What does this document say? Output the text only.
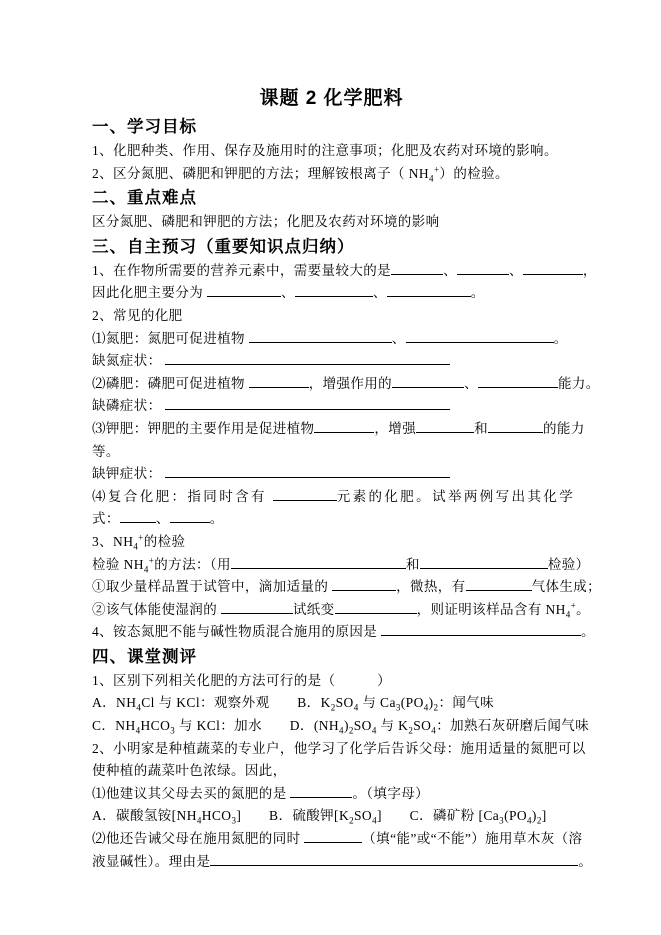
课题 2 化学肥料
一、学习目标
1、化肥种类、作用、保存及施用时的注意事项；化肥及农药对环境的影响。
2、区分氮肥、磷肥和钾肥的方法；理解铵根离子（ $NH_4^+$）的检验。
二、重点难点
区分氮肥、磷肥和钾肥的方法；化肥及农药对环境的影响
三、自主预习（重要知识点归纳）
1、在作物所需要的营养元素中，需要量较大的是	、	、	，
因此化肥主要分为	、	、	。
2、常见的化肥
⑴氮肥：氮肥可促进植物	、	。
缺氮症状：
⑵磷肥：磷肥可促进植物	，增强作用的	、	能力。
缺磷症状：
⑶钾肥：钾肥的主要作用是促进植物	，增强	和	的能力
等。
缺钾症状：
⑷复合化肥：指同时含有	元素的化肥。试举两例写出其化学
式：	、	。
3、$NH_4^+$的检验
检验 $NH_4^+$的方法：（用	和	检验）
①取少量样品置于试管中，滴加适量的	，微热，有	气体生成；
②该气体能使湿润的	试纸变	，则证明该样品含有 $NH_4^+$。
4、铵态氮肥不能与碱性物质混合施用的原因是	。
四、课堂测评
1、区别下列相关化肥的方法可行的是（　　　）
A．$NH_4Cl$ 与 KCl：观察外观　　B．$K_2SO_4$ 与 $Ca_3(PO_4)_2$：闻气味
C．$NH_4HCO_3$ 与 KCl：加水　　D．$(NH_4)_2SO_4$ 与 $K_2SO_4$：加熟石灰研磨后闻气味
2、小明家是种植蔬菜的专业户，他学习了化学后告诉父母：施用适量的氮肥可以
使种植的蔬菜叶色浓绿。因此，
⑴他建议其父母去买的氮肥的是	。（填字母）
A．碳酸氢铵$[NH_4HCO_3]$　　B．硫酸钾$[K_2SO_4]$　　C．磷矿粉 $[Ca_3(PO_4)_2]$
⑵他还告诫父母在施用氮肥的同时	（填“能”或“不能”）施用草木灰（溶
液显碱性）。理由是	。
